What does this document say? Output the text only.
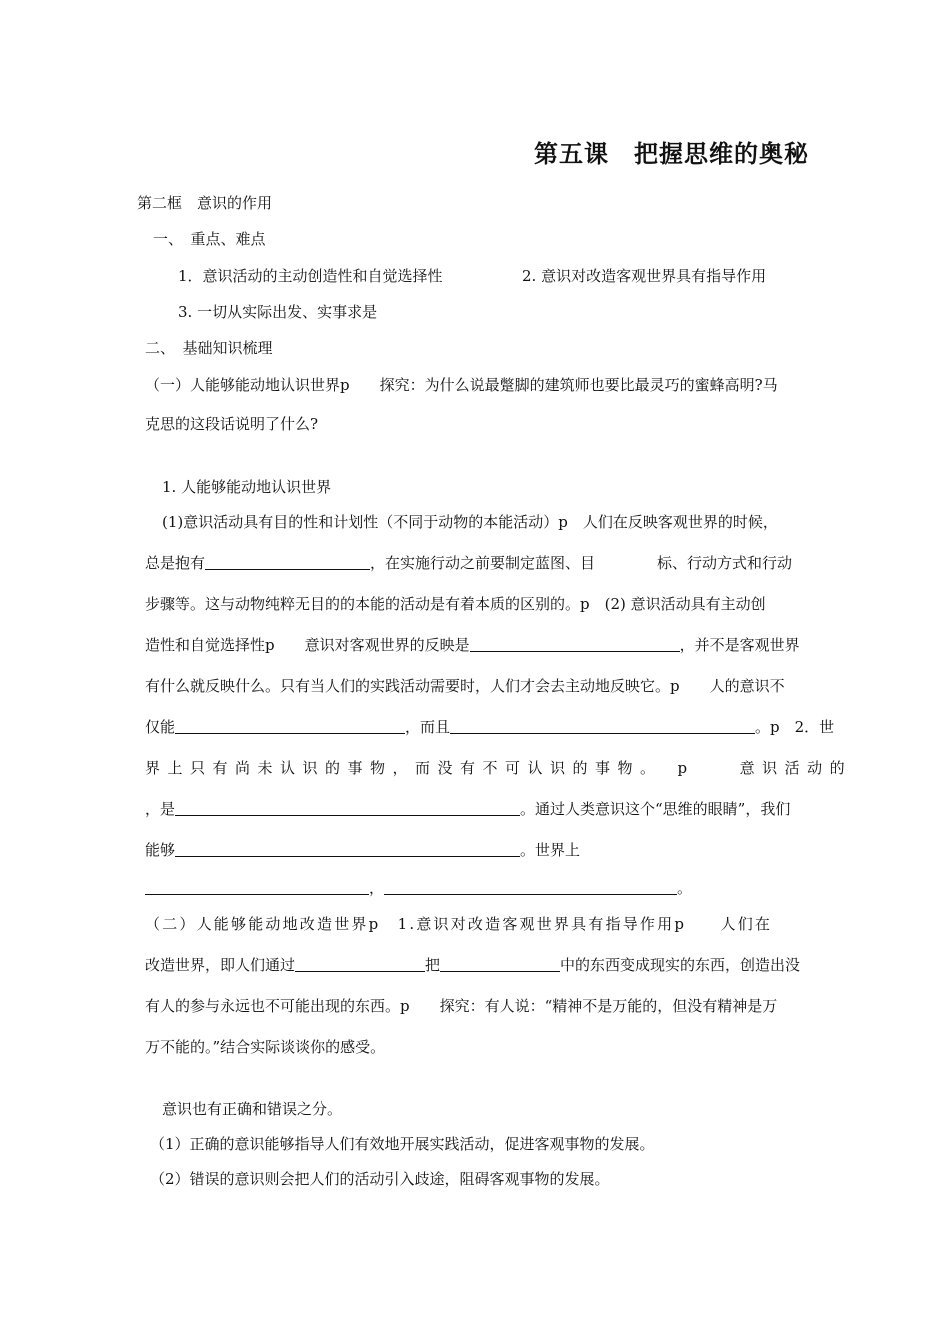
第五课　把握思维的奥秘
第二框　意识的作用
一、　重点、难点
1．意识活动的主动创造性和自觉选择性	2. 意识对改造客观世界具有指导作用
3. 一切从实际出发、实事求是
二、　基础知识梳理
（一）人能够能动地认识世界p　　探究：为什么说最蹩脚的建筑师也要比最灵巧的蜜蜂高明?马
克思的这段话说明了什么?
1. 人能够能动地认识世界
(1)意识活动具有目的性和计划性（不同于动物的本能活动）p　人们在反映客观世界的时候，
总是抱有	，在实施行动之前要制定蓝图、目	标、行动方式和行动
步骤等。这与动物纯粹无目的的本能的活动是有着本质的区别的。p　(2) 意识活动具有主动创
造性和自觉选择性p　　意识对客观世界的反映是	，并不是客观世界
有什么就反映什么。只有当人们的实践活动需要时，人们才会去主动地反映它。p　　人的意识不
仅能	，而且	。p　2．世
界上只有尚未认识的事物，而没有不可认识的事物。　p　　意识活动的
，是	。通过人类意识这个“思维的眼睛”，我们
能够	。世界上
，	。
（二）人能够能动地改造世界p　1.意识对改造客观世界具有指导作用p　　人们在
改造世界，即人们通过	把	中的东西变成现实的东西，创造出没
有人的参与永远也不可能出现的东西。p　　探究：有人说：“精神不是万能的，但没有精神是万
万不能的。”结合实际谈谈你的感受。
意识也有正确和错误之分。
（1）正确的意识能够指导人们有效地开展实践活动，促进客观事物的发展。
（2）错误的意识则会把人们的活动引入歧途，阻碍客观事物的发展。
